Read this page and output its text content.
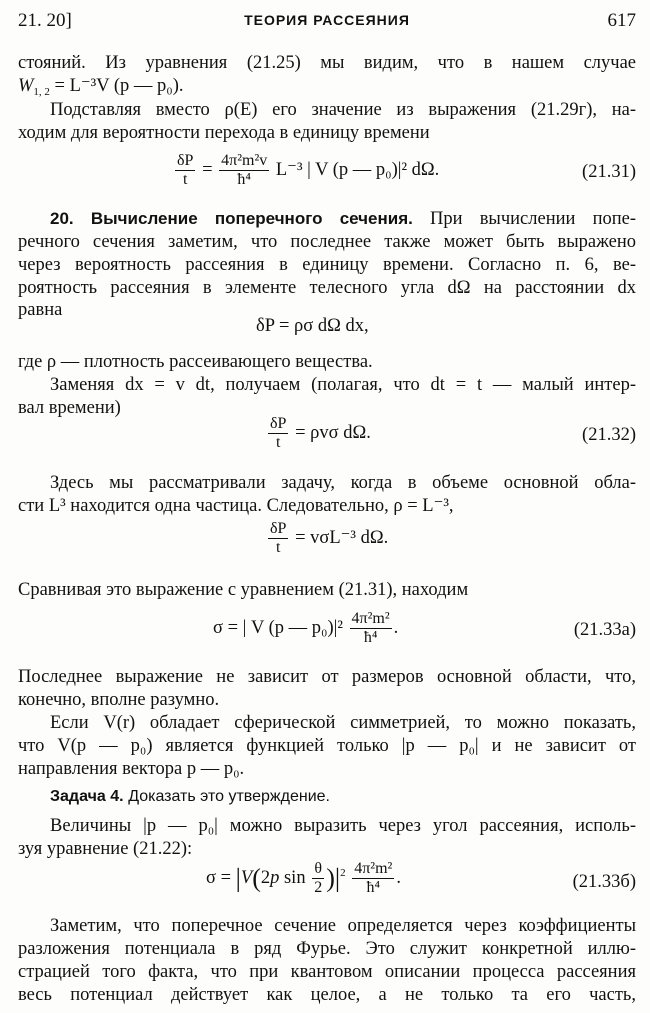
21. 20]	ТЕОРИЯ РАССЕЯНИЯ	617
стояний. Из уравнения (21.25) мы видим, что в нашем случае
$W_{1, 2} = L^{-3}V$ (p — p₀).
Подставляя вместо ρ(E) его значение из выражения (21.29г), на-
ходим для вероятности перехода в единицу времени
$\frac{\delta P}{t} = \frac{\text{4π²m²v}}{\text{ħ⁴}} L^{-3}$ | V (p — p₀)|² dΩ.	(21.31)
20. Вычисление поперечного сечения. При вычислении попе-
речного сечения заметим, что последнее также может быть выражено
через вероятность рассеяния в единицу времени. Согласно п. 6, ве-
роятность рассеяния в элементе телесного угла dΩ на расстоянии dx
равна
δP = ρσ dΩ dx,
где ρ — плотность рассеивающего вещества.
Заменяя dx = v dt, получаем (полагая, что dt = t — малый интер-
вал времени)
$\frac{\delta P}{t} = \rho v\sigma$ dΩ.	(21.32)
Здесь мы рассматривали задачу, когда в объеме основной обла-
сти L³ находится одна частица. Следовательно, ρ = L⁻³,
$\frac{\delta P}{t} = v\sigma L^{-3}$ dΩ.
Сравнивая это выражение с уравнением (21.31), находим
σ = | V (p — $p_0)|^2 \frac{\text{4π²m²}}{\text{ħ⁴}}$ .	(21.33а)
Последнее выражение не зависит от размеров основной области, что,
конечно, вполне разумно.
Если V(r) обладает сферической симметрией, то можно показать,
что V(p — p₀) является функцией только |p — p₀| и не зависит от
направления вектора p — p₀.
Задача 4. Доказать это утверждение.
Величины |p — p₀| можно выразить через угол рассеяния, исполь-
зуя уравнение (21.22):
σ = |V(2p $\sin \frac{\theta}{2} )|^2 \frac{\text{4π²m²}}{\text{ħ⁴}}$ .	(21.33б)
Заметим, что поперечное сечение определяется через коэффициенты
разложения потенциала в ряд Фурье. Это служит конкретной иллю-
страцией того факта, что при квантовом описании процесса рассеяния
весь потенциал действует как целое, а не только та его часть,
